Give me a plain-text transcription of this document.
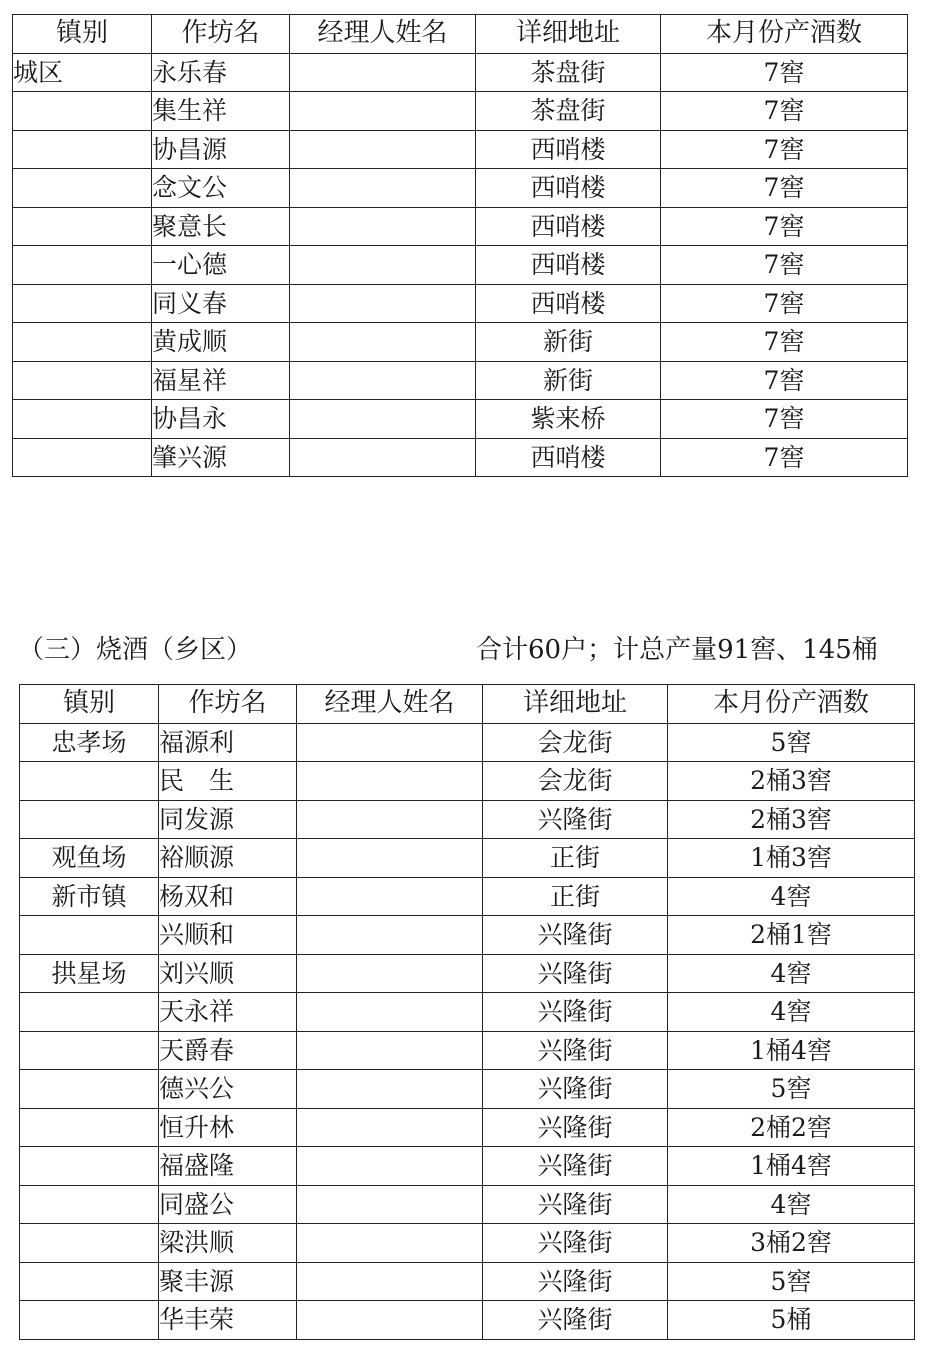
镇别	作坊名	经理人姓名	详细地址	本月份产酒数
城区	永乐春		茶盘街	7窖
	集生祥		茶盘街	7窖
	协昌源		西哨楼	7窖
	念文公		西哨楼	7窖
	聚意长		西哨楼	7窖
	一心德		西哨楼	7窖
	同义春		西哨楼	7窖
	黄成顺		新街	7窖
	福星祥		新街	7窖
	协昌永		紫来桥	7窖
	肇兴源		西哨楼	7窖
（三）烧酒（乡区）	合计60户；计总产量91窖、145桶
镇别	作坊名	经理人姓名	详细地址	本月份产酒数
忠孝场	福源利		会龙街	5窖
	民　生		会龙街	2桶3窖
	同发源		兴隆街	2桶3窖
观鱼场	裕顺源		正街	1桶3窖
新市镇	杨双和		正街	4窖
	兴顺和		兴隆街	2桶1窖
拱星场	刘兴顺		兴隆街	4窖
	天永祥		兴隆街	4窖
	天爵春		兴隆街	1桶4窖
	德兴公		兴隆街	5窖
	恒升林		兴隆街	2桶2窖
	福盛隆		兴隆街	1桶4窖
	同盛公		兴隆街	4窖
	梁洪顺		兴隆街	3桶2窖
	聚丰源		兴隆街	5窖
	华丰荣		兴隆街	5桶
